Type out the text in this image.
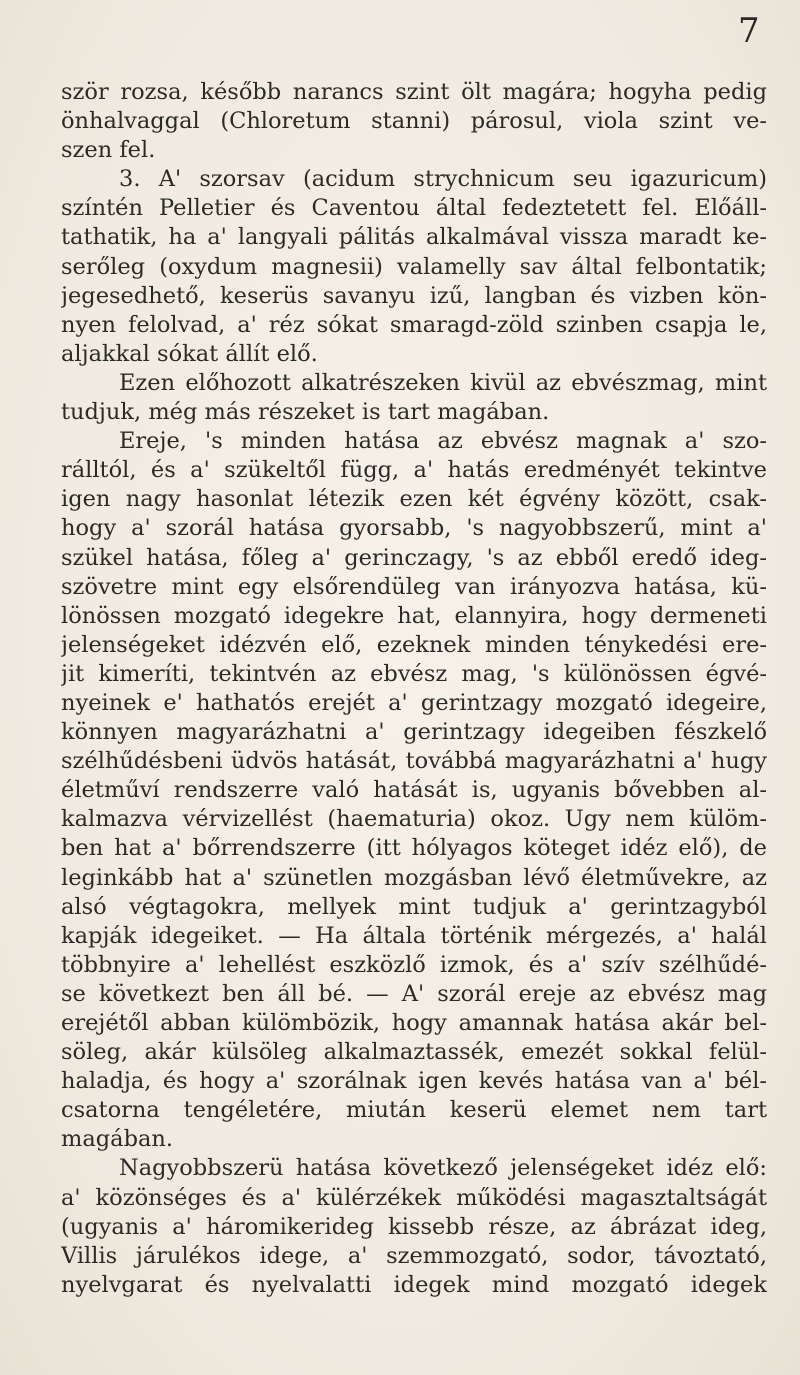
7
ször rozsa, később narancs szint ölt magára; hogyha pedig
önhalvaggal (Chloretum stanni) párosul, viola szint ve-
szen fel.
3. A' szorsav (acidum strychnicum seu igazuricum)
színtén Pelletier és Caventou által fedeztetett fel. Előáll-
tathatik, ha a' langyali pálitás alkalmával vissza maradt ke-
serőleg (oxydum magnesii) valamelly sav által felbontatik;
jegesedhető, keserüs savanyu izű, langban és vizben kön-
nyen felolvad, a' réz sókat smaragd-zöld szinben csapja le,
aljakkal sókat állít elő.
Ezen előhozott alkatrészeken kivül az ebvészmag, mint
tudjuk, még más részeket is tart magában.
Ereje, 's minden hatása az ebvész magnak a' szo-
rálltól, és a' szükeltől függ, a' hatás eredményét tekintve
igen nagy hasonlat létezik ezen két égvény között, csak-
hogy a' szorál hatása gyorsabb, 's nagyobbszerű, mint a'
szükel hatása, főleg a' gerinczagy, 's az ebből eredő ideg-
szövetre mint egy elsőrendüleg van irányozva hatása, kü-
lönössen mozgató idegekre hat, elannyira, hogy dermeneti
jelenségeket idézvén elő, ezeknek minden ténykedési ere-
jit kimeríti, tekintvén az ebvész mag, 's különössen égvé-
nyeinek e' hathatós erejét a' gerintzagy mozgató idegeire,
könnyen magyarázhatni a' gerintzagy idegeiben fészkelő
szélhűdésbeni üdvös hatását, továbbá magyarázhatni a' hugy
életműví rendszerre való hatását is, ugyanis bővebben al-
kalmazva vérvizellést (haematuria) okoz. Ugy nem külöm-
ben hat a' bőrrendszerre (itt hólyagos köteget idéz elő), de
leginkább hat a' szünetlen mozgásban lévő életművekre, az
alsó végtagokra, mellyek mint tudjuk a' gerintzagyból
kapják idegeiket. — Ha általa történik mérgezés, a' halál
többnyire a' lehellést eszközlő izmok, és a' szív szélhűdé-
se következt ben áll bé. — A' szorál ereje az ebvész mag
erejétől abban külömbözik, hogy amannak hatása akár bel-
söleg, akár külsöleg alkalmaztassék, emezét sokkal felül-
haladja, és hogy a' szorálnak igen kevés hatása van a' bél-
csatorna tengéletére, miután keserü elemet nem tart
magában.
Nagyobbszerü hatása következő jelenségeket idéz elő:
a' közönséges és a' külérzékek működési magasztaltságát
(ugyanis a' háromikerideg kissebb része, az ábrázat ideg,
Villis járulékos idege, a' szemmozgató, sodor, távoztató,
nyelvgarat és nyelvalatti idegek mind mozgató idegek
